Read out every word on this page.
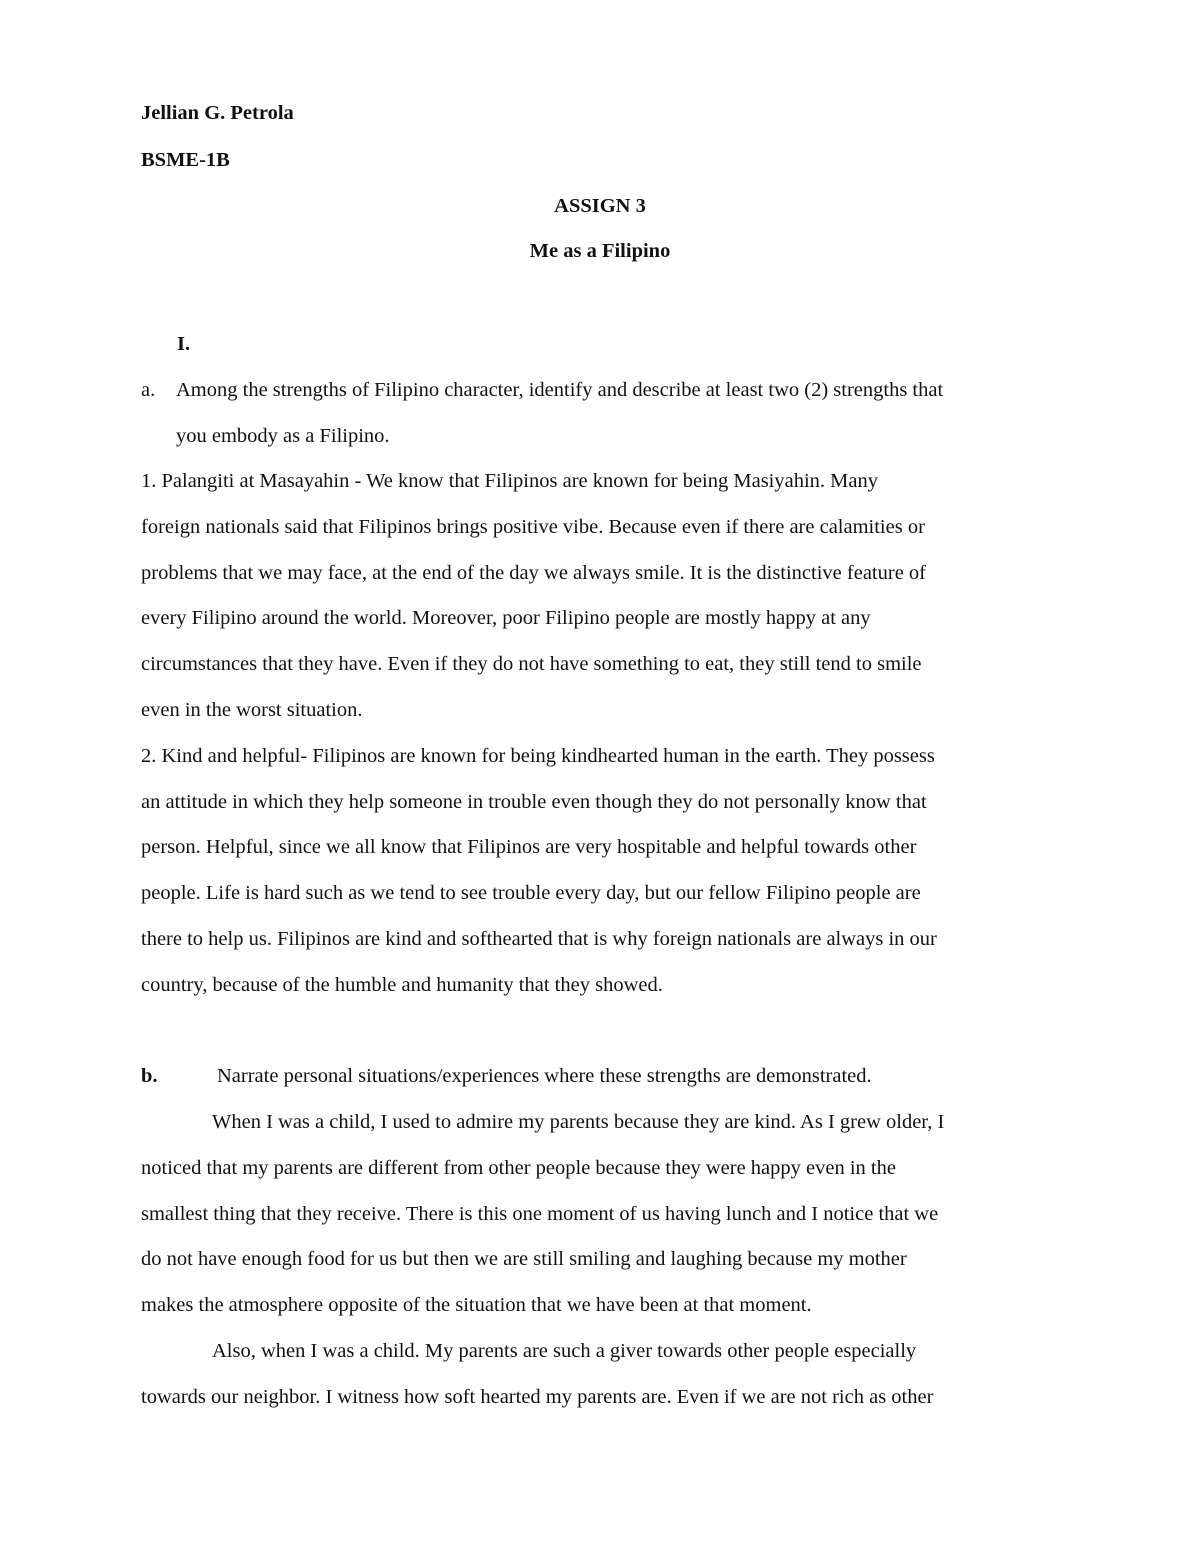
Jellian G. Petrola

BSME-1B

ASSIGN 3

Me as a Filipino

I.

a. Among the strengths of Filipino character, identify and describe at least two (2) strengths that

you embody as a Filipino.

1. Palangiti at Masayahin - We know that Filipinos are known for being Masiyahin. Many

foreign nationals said that Filipinos brings positive vibe. Because even if there are calamities or

problems that we may face, at the end of the day we always smile. It is the distinctive feature of

every Filipino around the world. Moreover, poor Filipino people are mostly happy at any

circumstances that they have. Even if they do not have something to eat, they still tend to smile

even in the worst situation.

2. Kind and helpful- Filipinos are known for being kindhearted human in the earth. They possess

an attitude in which they help someone in trouble even though they do not personally know that

person. Helpful, since we all know that Filipinos are very hospitable and helpful towards other

people. Life is hard such as we tend to see trouble every day, but our fellow Filipino people are

there to help us. Filipinos are kind and softhearted that is why foreign nationals are always in our

country, because of the humble and humanity that they showed.

b.	Narrate personal situations/experiences where these strengths are demonstrated.

When I was a child, I used to admire my parents because they are kind. As I grew older, I

noticed that my parents are different from other people because they were happy even in the

smallest thing that they receive. There is this one moment of us having lunch and I notice that we

do not have enough food for us but then we are still smiling and laughing because my mother

makes the atmosphere opposite of the situation that we have been at that moment.

Also, when I was a child. My parents are such a giver towards other people especially

towards our neighbor. I witness how soft hearted my parents are. Even if we are not rich as other
